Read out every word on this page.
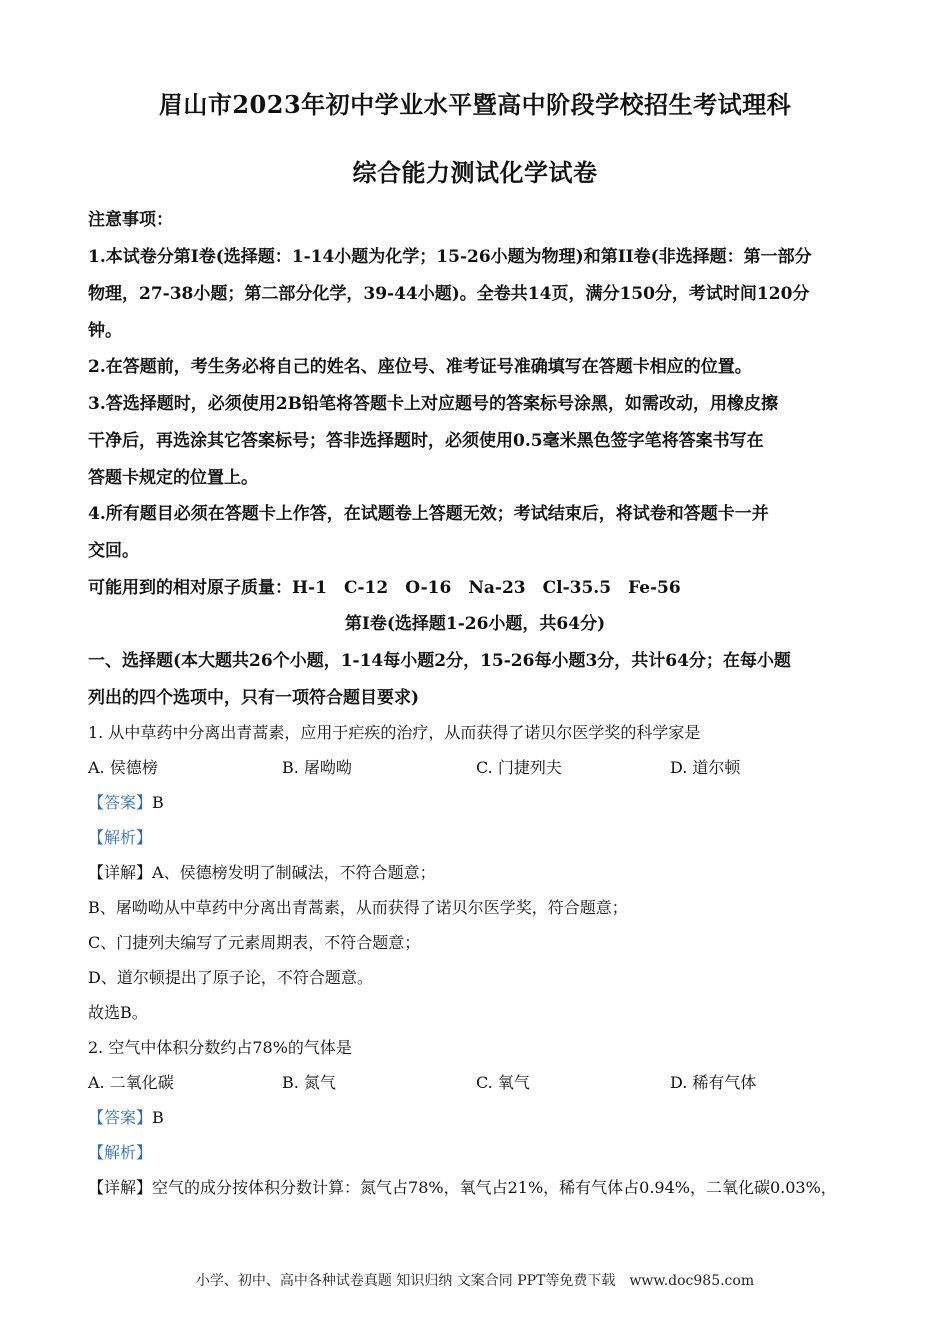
眉山市2023年初中学业水平暨高中阶段学校招生考试理科
综合能力测试化学试卷
注意事项：
1.本试卷分第I卷(选择题：1-14小题为化学；15-26小题为物理)和第II卷(非选择题：第一部分
物理，27-38小题；第二部分化学，39-44小题)。全卷共14页，满分150分，考试时间120分
钟。
2.在答题前，考生务必将自己的姓名、座位号、准考证号准确填写在答题卡相应的位置。
3.答选择题时，必须使用2B铅笔将答题卡上对应题号的答案标号涂黑，如需改动，用橡皮擦
干净后，再选涂其它答案标号；答非选择题时，必须使用0.5毫米黑色签字笔将答案书写在
答题卡规定的位置上。
4.所有题目必须在答题卡上作答，在试题卷上答题无效；考试结束后，将试卷和答题卡一并
交回。
可能用到的相对原子质量：H-1　C-12　O-16　Na-23　Cl-35.5　Fe-56
第Ⅰ卷(选择题1-26小题，共64分)
一、选择题(本大题共26个小题，1-14每小题2分，15-26每小题3分，共计64分；在每小题
列出的四个选项中，只有一项符合题目要求)
1. 从中草药中分离出青蒿素，应用于疟疾的治疗，从而获得了诺贝尔医学奖的科学家是
A. 侯德榜	B. 屠呦呦	C. 门捷列夫	D. 道尔顿
【答案】B
【解析】
【详解】A、侯德榜发明了制碱法，不符合题意；
B、屠呦呦从中草药中分离出青蒿素，从而获得了诺贝尔医学奖，符合题意；
C、门捷列夫编写了元素周期表，不符合题意；
D、道尔顿提出了原子论，不符合题意。
故选B。
2. 空气中体积分数约占78%的气体是
A. 二氧化碳	B. 氮气	C. 氧气	D. 稀有气体
【答案】B
【解析】
【详解】空气的成分按体积分数计算：氮气占78%，氧气占21%，稀有气体占0.94%，二氧化碳0.03%，
小学、初中、高中各种试卷真题 知识归纳 文案合同 PPT等免费下载　www.doc985.com
